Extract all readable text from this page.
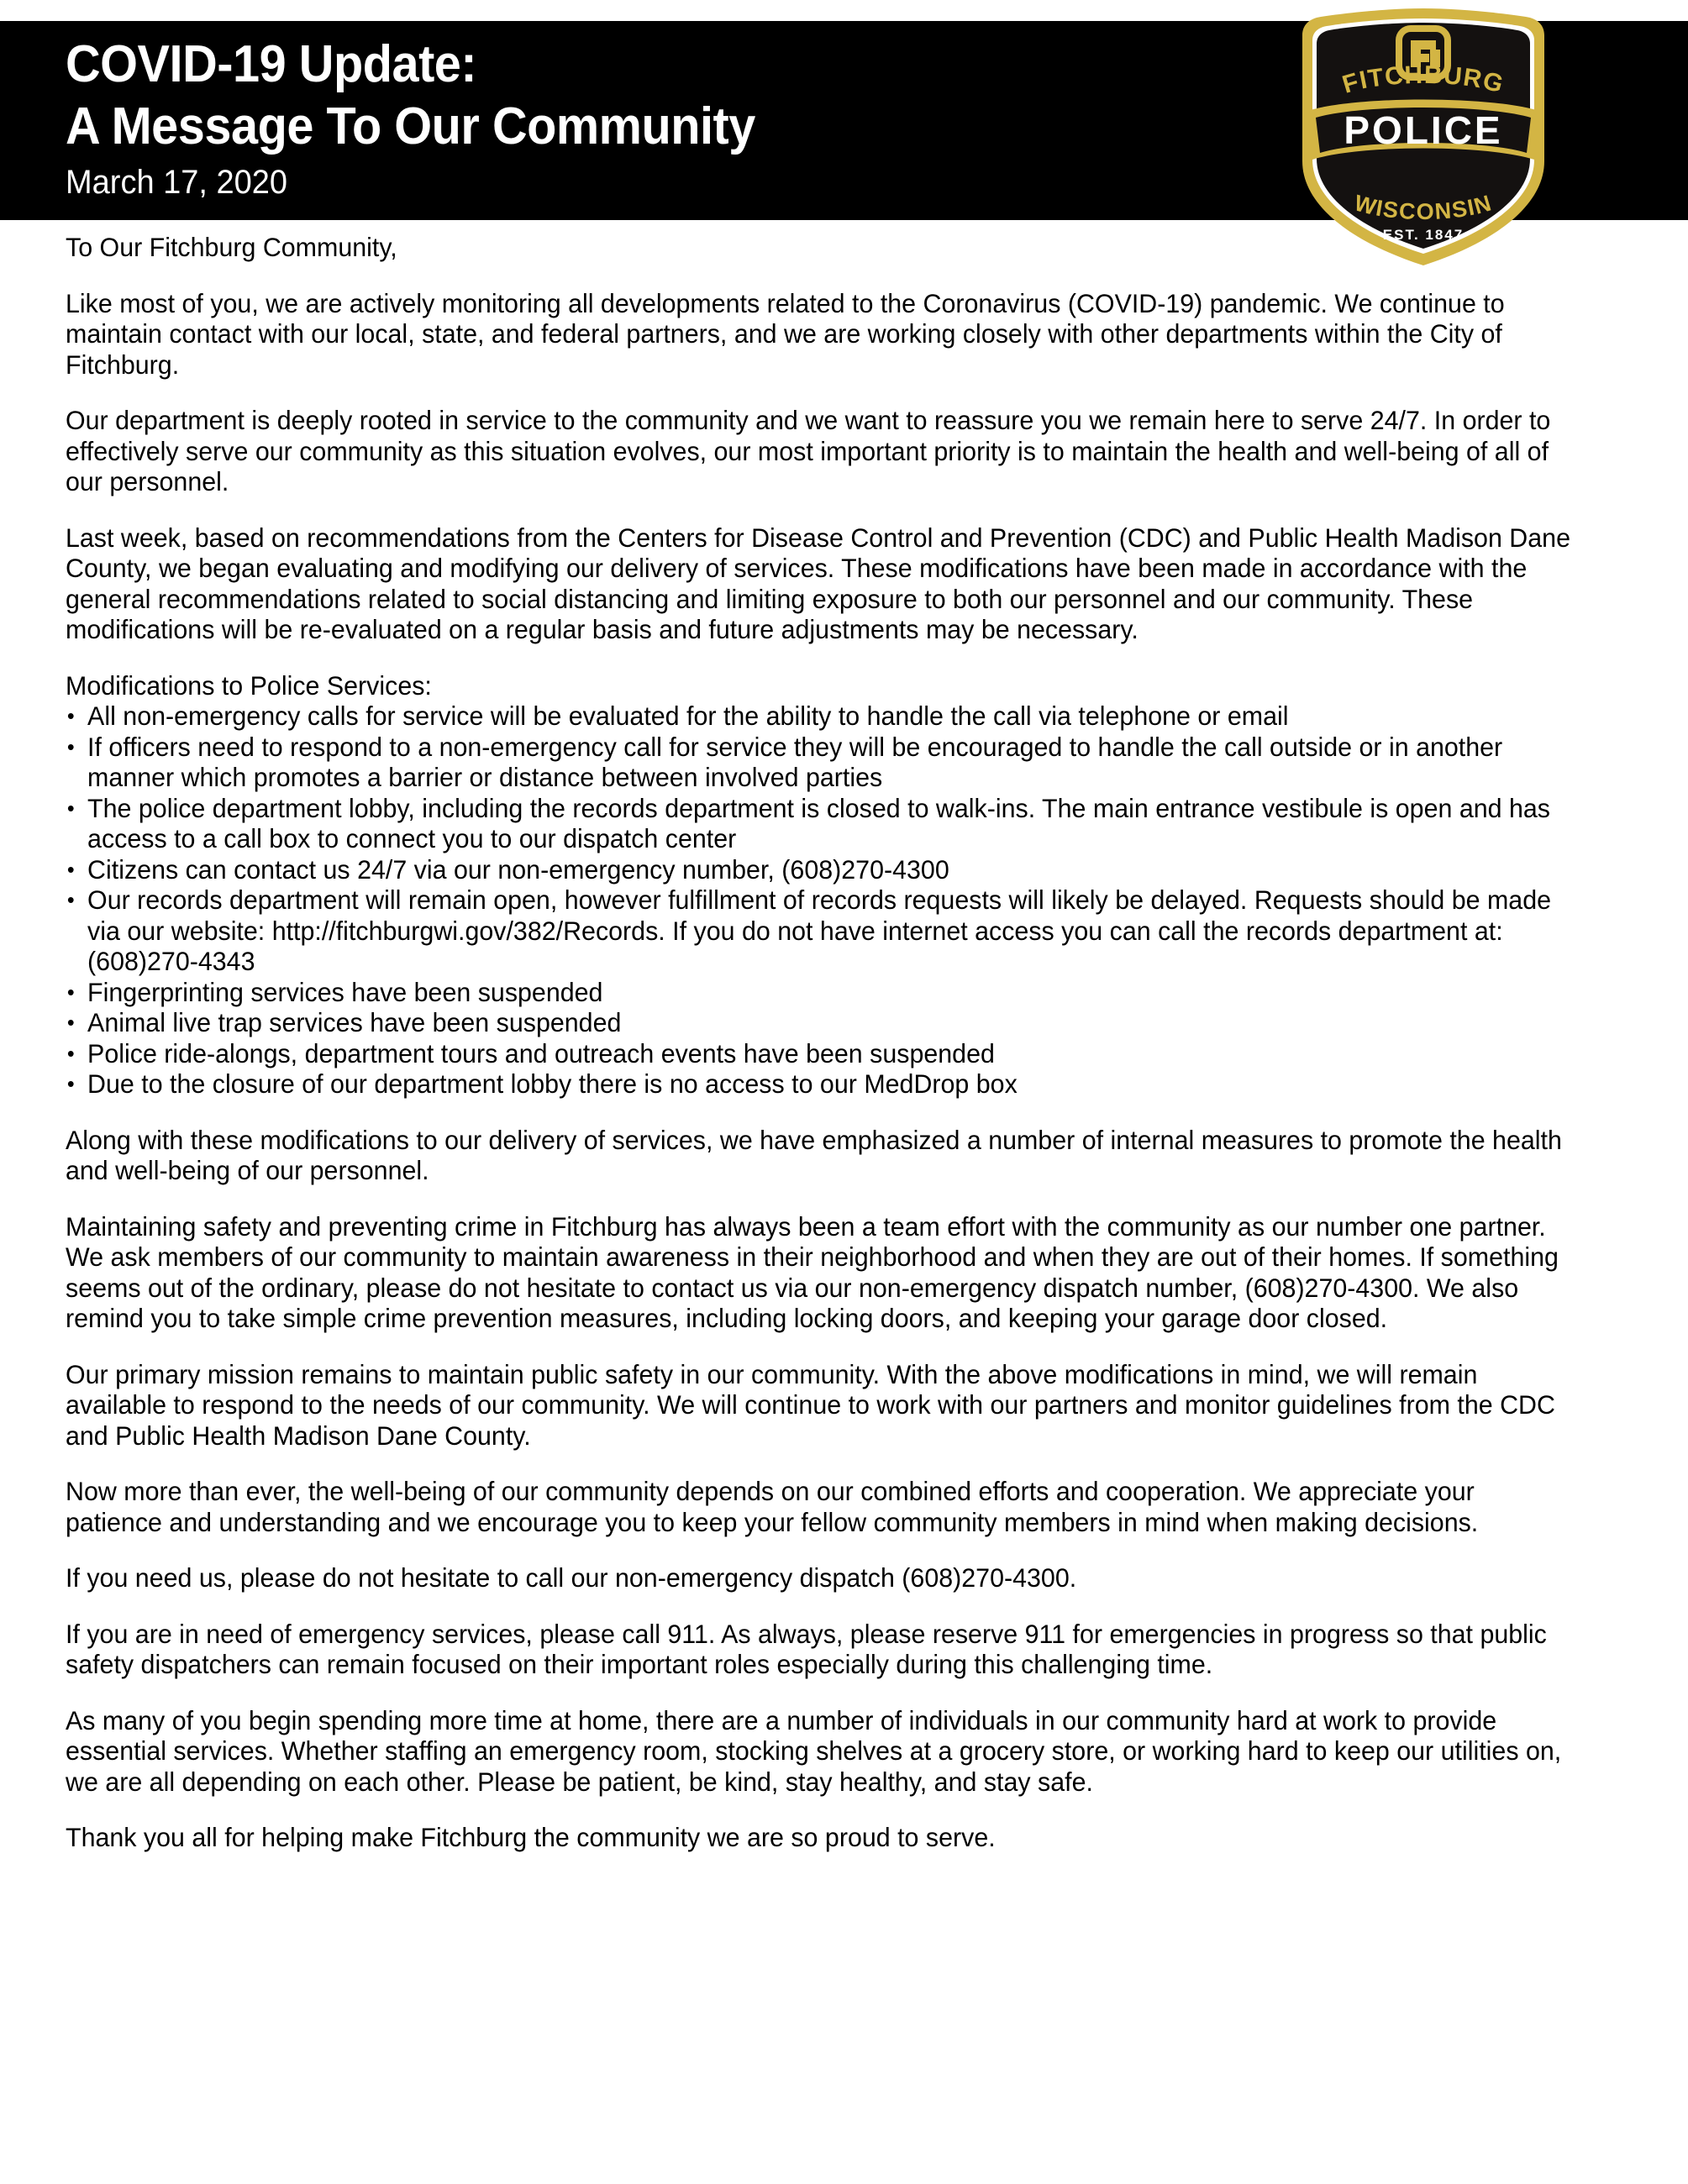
COVID-19 Update:
A Message To Our Community
March 17, 2020
FITCHBURG
POLICE
WISCONSIN
EST. 1847

To Our Fitchburg Community,

Like most of you, we are actively monitoring all developments related to the Coronavirus (COVID-19) pandemic. We continue to maintain contact with our local, state, and federal partners, and we are working closely with other departments within the City of Fitchburg.

Our department is deeply rooted in service to the community and we want to reassure you we remain here to serve 24/7. In order to effectively serve our community as this situation evolves, our most important priority is to maintain the health and well-being of all of our personnel.

Last week, based on recommendations from the Centers for Disease Control and Prevention (CDC) and Public Health Madison Dane County, we began evaluating and modifying our delivery of services. These modifications have been made in accordance with the general recommendations related to social distancing and limiting exposure to both our personnel and our community. These modifications will be re-evaluated on a regular basis and future adjustments may be necessary.

Modifications to Police Services:

• All non-emergency calls for service will be evaluated for the ability to handle the call via telephone or email
• If officers need to respond to a non-emergency call for service they will be encouraged to handle the call outside or in another manner which promotes a barrier or distance between involved parties
• The police department lobby, including the records department is closed to walk-ins. The main entrance vestibule is open and has access to a call box to connect you to our dispatch center
• Citizens can contact us 24/7 via our non-emergency number, (608)270-4300
• Our records department will remain open, however fulfillment of records requests will likely be delayed. Requests should be made via our website: http://fitchburgwi.gov/382/Records. If you do not have internet access you can call the records department at: (608)270-4343
• Fingerprinting services have been suspended
• Animal live trap services have been suspended
• Police ride-alongs, department tours and outreach events have been suspended
• Due to the closure of our department lobby there is no access to our MedDrop box

Along with these modifications to our delivery of services, we have emphasized a number of internal measures to promote the health and well-being of our personnel.

Maintaining safety and preventing crime in Fitchburg has always been a team effort with the community as our number one partner. We ask members of our community to maintain awareness in their neighborhood and when they are out of their homes. If something seems out of the ordinary, please do not hesitate to contact us via our non-emergency dispatch number, (608)270-4300. We also remind you to take simple crime prevention measures, including locking doors, and keeping your garage door closed.

Our primary mission remains to maintain public safety in our community. With the above modifications in mind, we will remain available to respond to the needs of our community. We will continue to work with our partners and monitor guidelines from the CDC and Public Health Madison Dane County.

Now more than ever, the well-being of our community depends on our combined efforts and cooperation. We appreciate your patience and understanding and we encourage you to keep your fellow community members in mind when making decisions.

If you need us, please do not hesitate to call our non-emergency dispatch (608)270-4300.

If you are in need of emergency services, please call 911. As always, please reserve 911 for emergencies in progress so that public safety dispatchers can remain focused on their important roles especially during this challenging time.

As many of you begin spending more time at home, there are a number of individuals in our community hard at work to provide essential services. Whether staffing an emergency room, stocking shelves at a grocery store, or working hard to keep our utilities on, we are all depending on each other. Please be patient, be kind, stay healthy, and stay safe.

Thank you all for helping make Fitchburg the community we are so proud to serve.
